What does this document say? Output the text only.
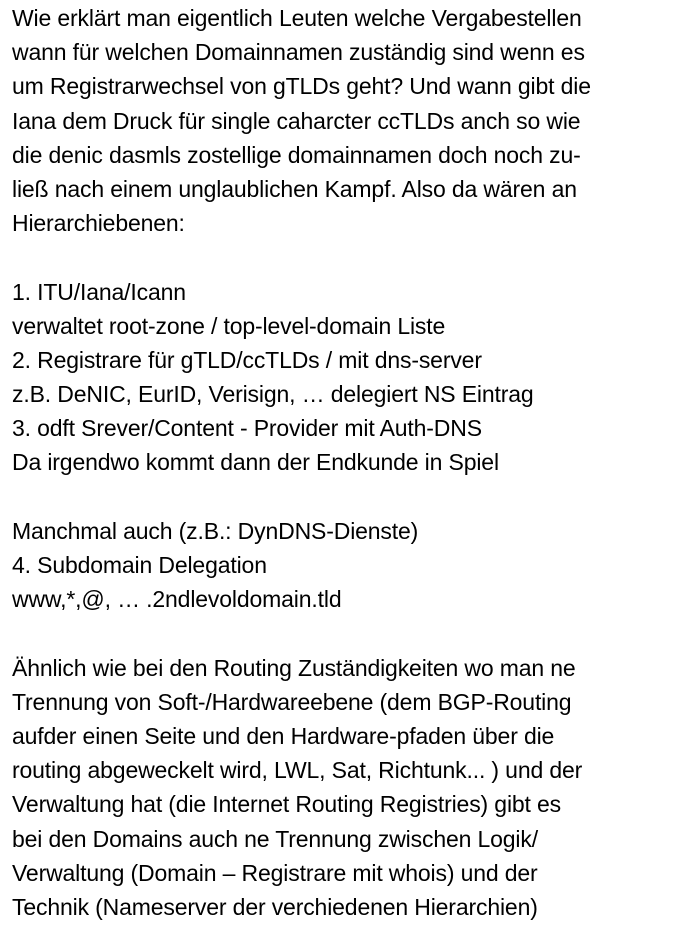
Wie erklärt man eigentlich Leuten welche Vergabestellen
wann für welchen Domainnamen zuständig sind wenn es
um Registrarwechsel von gTLDs geht? Und wann gibt die
Iana dem Druck für single caharcter ccTLDs anch so wie
die denic dasmls zostellige domainnamen doch noch zu-
ließ nach einem unglaublichen Kampf. Also da wären an
Hierarchiebenen:
1. ITU/Iana/Icann
verwaltet root-zone / top-level-domain Liste
2. Registrare für gTLD/ccTLDs / mit dns-server
z.B. DeNIC, EurID, Verisign, … delegiert NS Eintrag
3. odft Srever/Content - Provider mit Auth-DNS
Da irgendwo kommt dann der Endkunde in Spiel
Manchmal auch (z.B.: DynDNS-Dienste)
4. Subdomain Delegation
www,*,@, … .2ndlevoldomain.tld
Ähnlich wie bei den Routing Zuständigkeiten wo man ne
Trennung von Soft-/Hardwareebene (dem BGP-Routing
aufder einen Seite und den Hardware-pfaden über die
routing abgeweckelt wird, LWL, Sat, Richtunk... ) und der
Verwaltung hat (die Internet Routing Registries) gibt es
bei den Domains auch ne Trennung zwischen Logik/
Verwaltung (Domain – Registrare mit whois) und der
Technik (Nameserver der verchiedenen Hierarchien)
